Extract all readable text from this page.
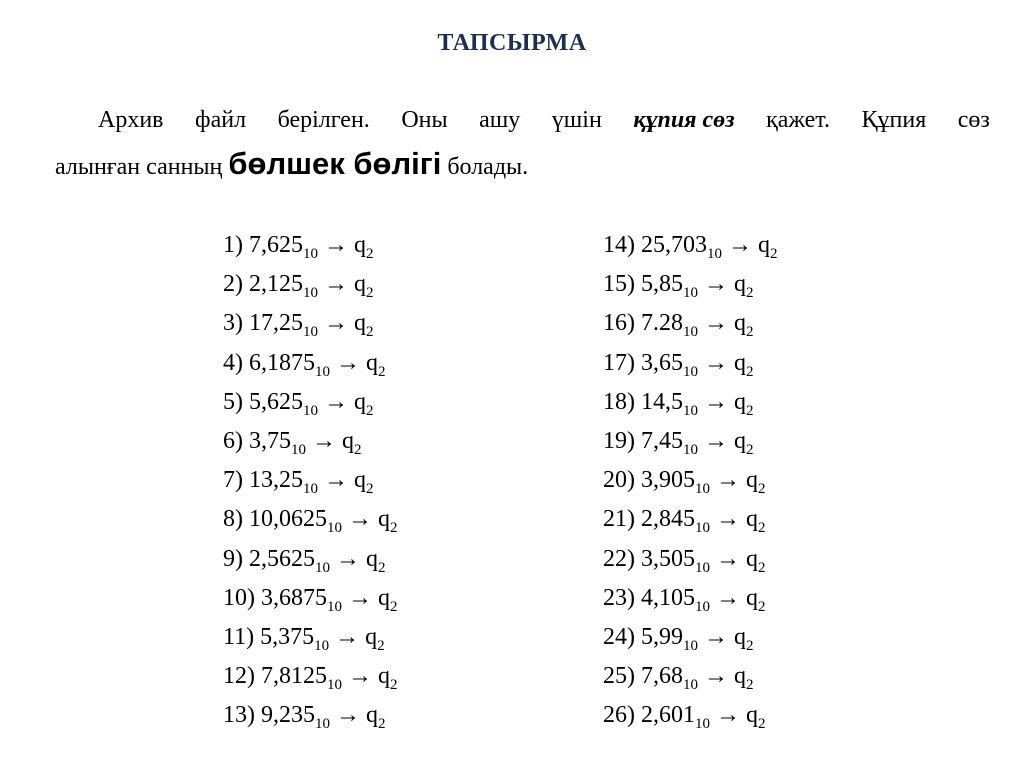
ТАПСЫРМА
Архив файл берілген. Оны ашу үшін құпия сөз қажет. Құпия сөз
алынған санның бөлшек бөлігі болады.
1) $7,625_{10} \to q_2$
2) $2,125_{10} \to q_2$
3) $17,25_{10} \to q_2$
4) $6,1875_{10} \to q_2$
5) $5,625_{10} \to q_2$
6) $3,75_{10} \to q_2$
7) $13,25_{10} \to q_2$
8) $10,0625_{10} \to q_2$
9) $2,5625_{10} \to q_2$
10) $3,6875_{10} \to q_2$
11) $5,375_{10} \to q_2$
12) $7,8125_{10} \to q_2$
13) $9,235_{10} \to q_2$
14) $25,703_{10} \to q_2$
15) $5,85_{10} \to q_2$
16) $7.28_{10} \to q_2$
17) $3,65_{10} \to q_2$
18) $14,5_{10} \to q_2$
19) $7,45_{10} \to q_2$
20) $3,905_{10} \to q_2$
21) $2,845_{10} \to q_2$
22) $3,505_{10} \to q_2$
23) $4,105_{10} \to q_2$
24) $5,99_{10} \to q_2$
25) $7,68_{10} \to q_2$
26) $2,601_{10} \to q_2$
